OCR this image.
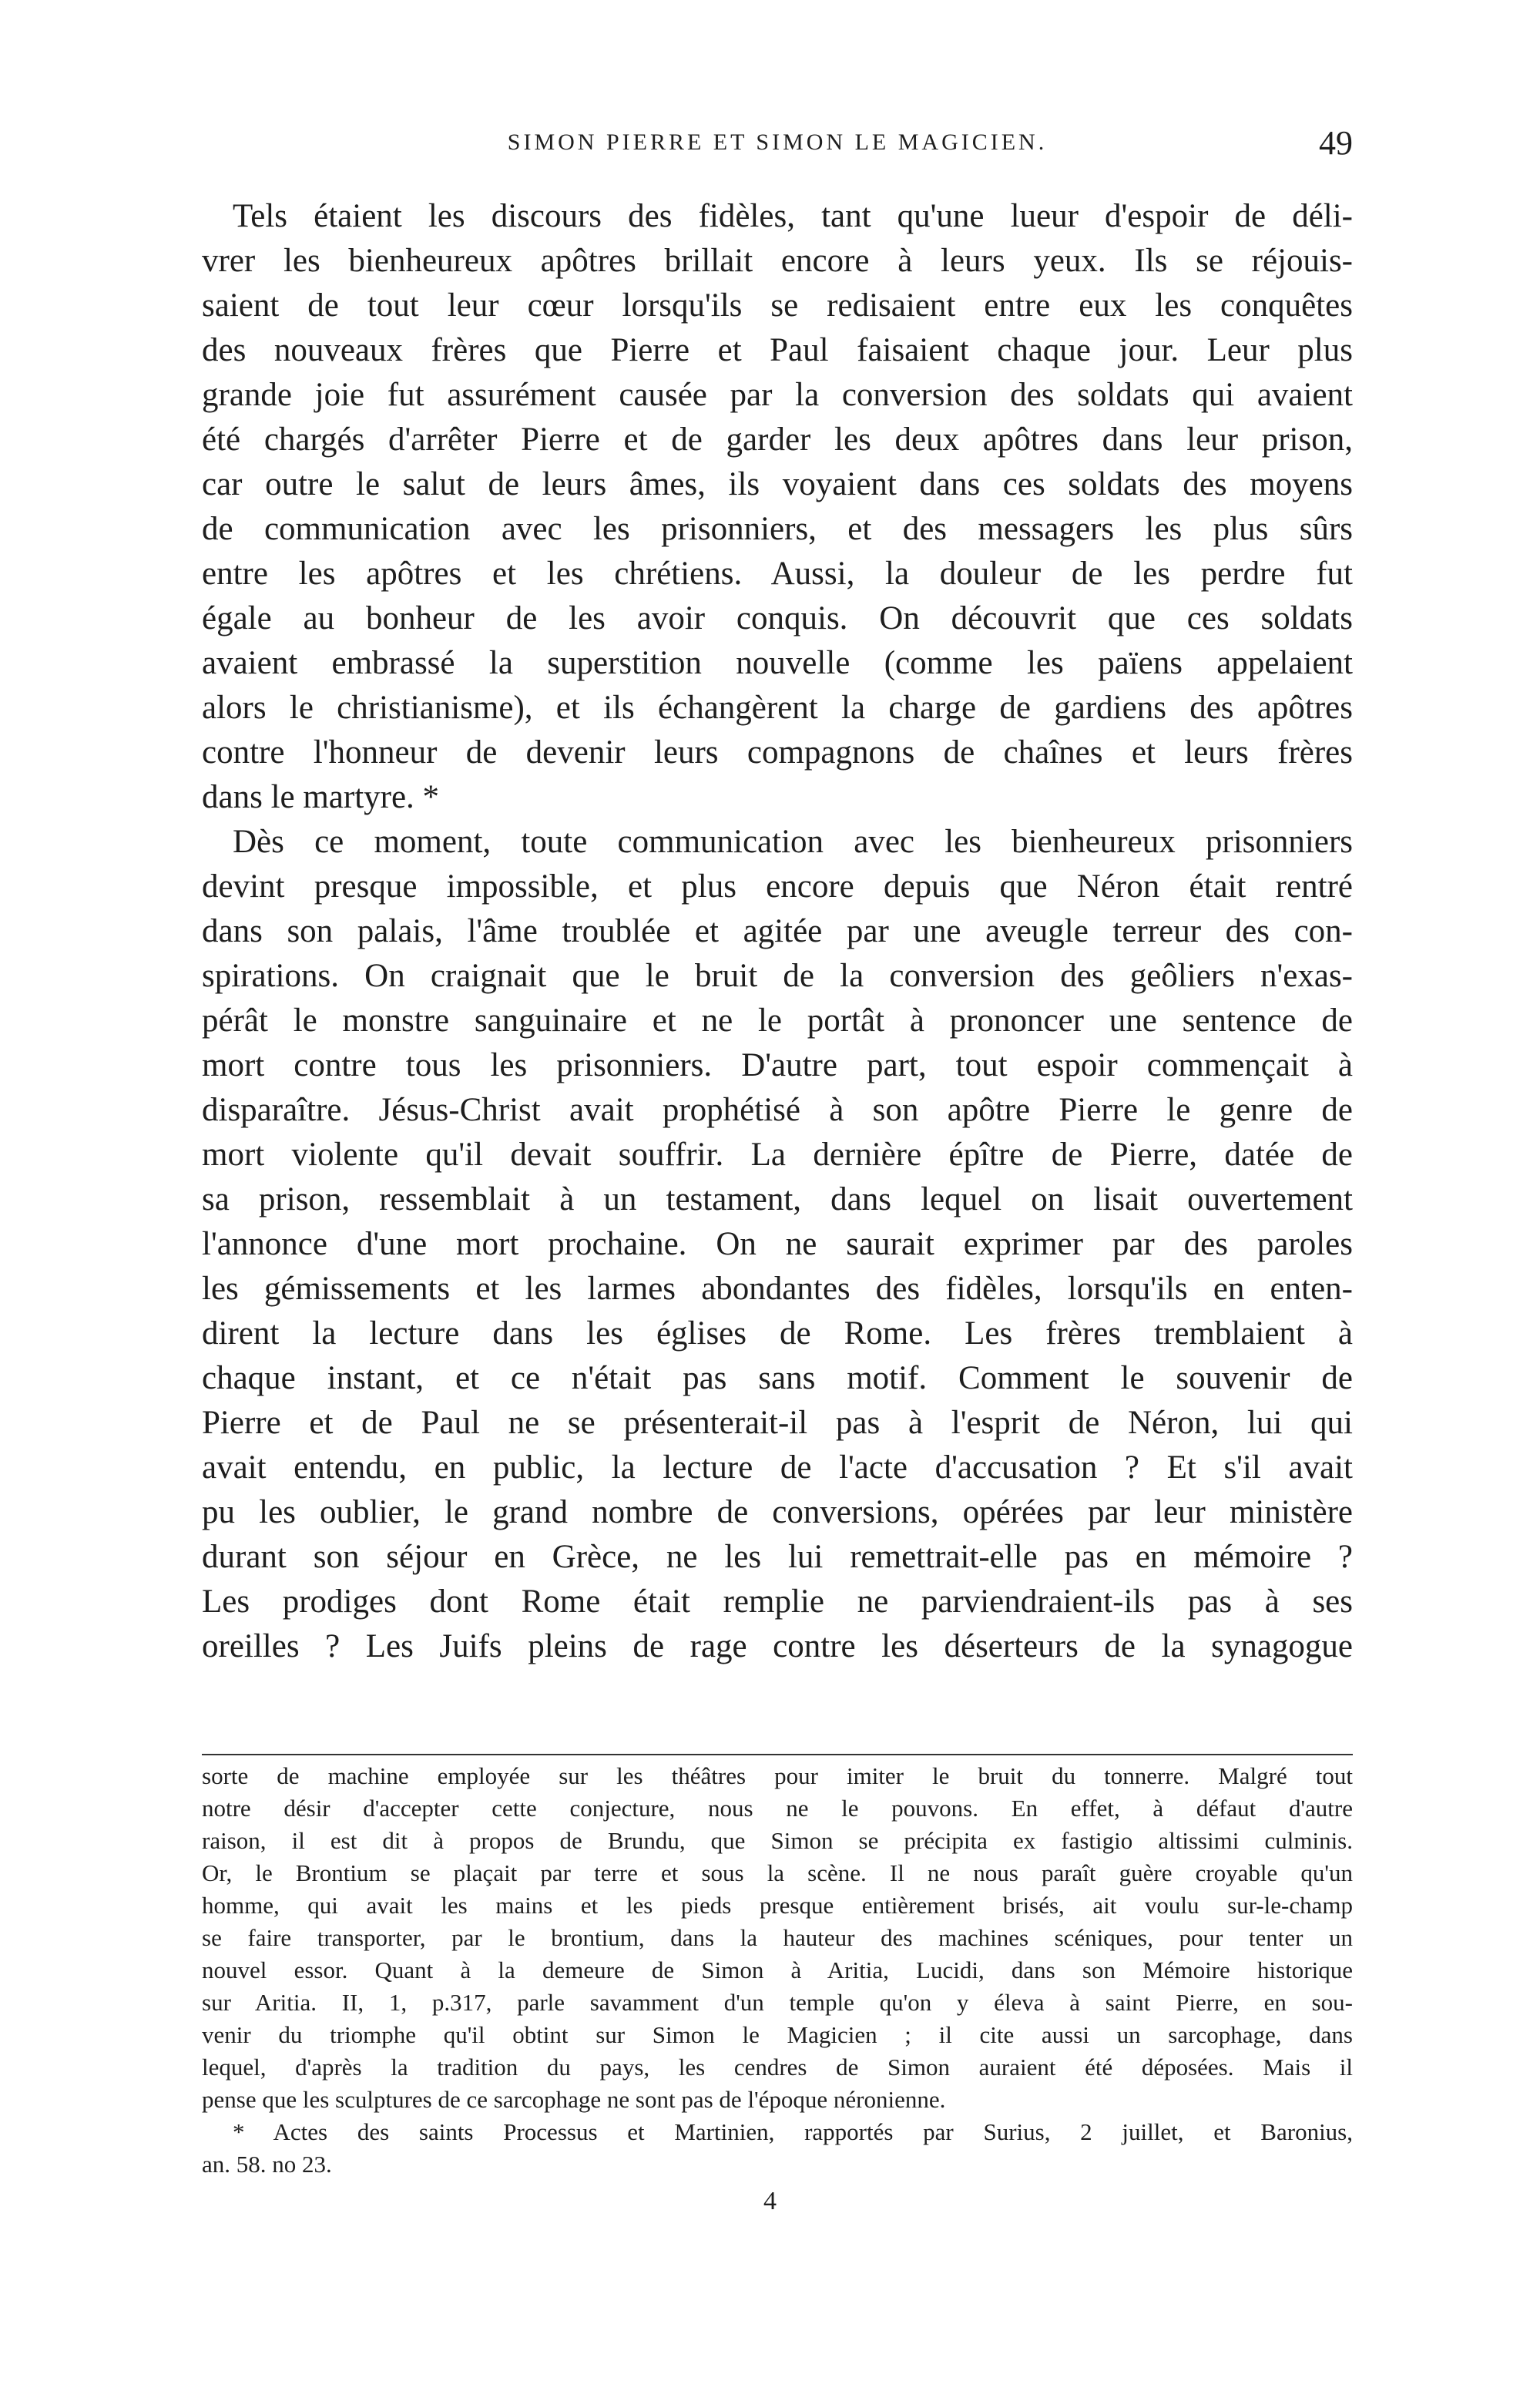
SIMON PIERRE ET SIMON LE MAGICIEN.	49
Tels étaient les discours des fidèles, tant qu'une lueur d'espoir de déli-
vrer les bienheureux apôtres brillait encore à leurs yeux. Ils se réjouis-
saient de tout leur cœur lorsqu'ils se redisaient entre eux les conquêtes
des nouveaux frères que Pierre et Paul faisaient chaque jour. Leur plus
grande joie fut assurément causée par la conversion des soldats qui avaient
été chargés d'arrêter Pierre et de garder les deux apôtres dans leur prison,
car outre le salut de leurs âmes, ils voyaient dans ces soldats des moyens
de communication avec les prisonniers, et des messagers les plus sûrs
entre les apôtres et les chrétiens. Aussi, la douleur de les perdre fut
égale au bonheur de les avoir conquis. On découvrit que ces soldats
avaient embrassé la superstition nouvelle (comme les païens appelaient
alors le christianisme), et ils échangèrent la charge de gardiens des apôtres
contre l'honneur de devenir leurs compagnons de chaînes et leurs frères
dans le martyre. *
Dès ce moment, toute communication avec les bienheureux prisonniers
devint presque impossible, et plus encore depuis que Néron était rentré
dans son palais, l'âme troublée et agitée par une aveugle terreur des con-
spirations. On craignait que le bruit de la conversion des geôliers n'exas-
pérât le monstre sanguinaire et ne le portât à prononcer une sentence de
mort contre tous les prisonniers. D'autre part, tout espoir commençait à
disparaître. Jésus-Christ avait prophétisé à son apôtre Pierre le genre de
mort violente qu'il devait souffrir. La dernière épître de Pierre, datée de
sa prison, ressemblait à un testament, dans lequel on lisait ouvertement
l'annonce d'une mort prochaine. On ne saurait exprimer par des paroles
les gémissements et les larmes abondantes des fidèles, lorsqu'ils en enten-
dirent la lecture dans les églises de Rome. Les frères tremblaient à
chaque instant, et ce n'était pas sans motif. Comment le souvenir de
Pierre et de Paul ne se présenterait-il pas à l'esprit de Néron, lui qui
avait entendu, en public, la lecture de l'acte d'accusation ? Et s'il avait
pu les oublier, le grand nombre de conversions, opérées par leur ministère
durant son séjour en Grèce, ne les lui remettrait-elle pas en mémoire ?
Les prodiges dont Rome était remplie ne parviendraient-ils pas à ses
oreilles ? Les Juifs pleins de rage contre les déserteurs de la synagogue
sorte de machine employée sur les théâtres pour imiter le bruit du tonnerre. Malgré tout
notre désir d'accepter cette conjecture, nous ne le pouvons. En effet, à défaut d'autre
raison, il est dit à propos de Brundu, que Simon se précipita ex fastigio altissimi culminis.
Or, le Brontium se plaçait par terre et sous la scène. Il ne nous paraît guère croyable qu'un
homme, qui avait les mains et les pieds presque entièrement brisés, ait voulu sur-le-champ
se faire transporter, par le brontium, dans la hauteur des machines scéniques, pour tenter un
nouvel essor. Quant à la demeure de Simon à Aritia, Lucidi, dans son Mémoire historique
sur Aritia. II, 1, p.317, parle savamment d'un temple qu'on y éleva à saint Pierre, en sou-
venir du triomphe qu'il obtint sur Simon le Magicien ; il cite aussi un sarcophage, dans
lequel, d'après la tradition du pays, les cendres de Simon auraient été déposées. Mais il
pense que les sculptures de ce sarcophage ne sont pas de l'époque néronienne.
* Actes des saints Processus et Martinien, rapportés par Surius, 2 juillet, et Baronius,
an. 58. no 23.
4
